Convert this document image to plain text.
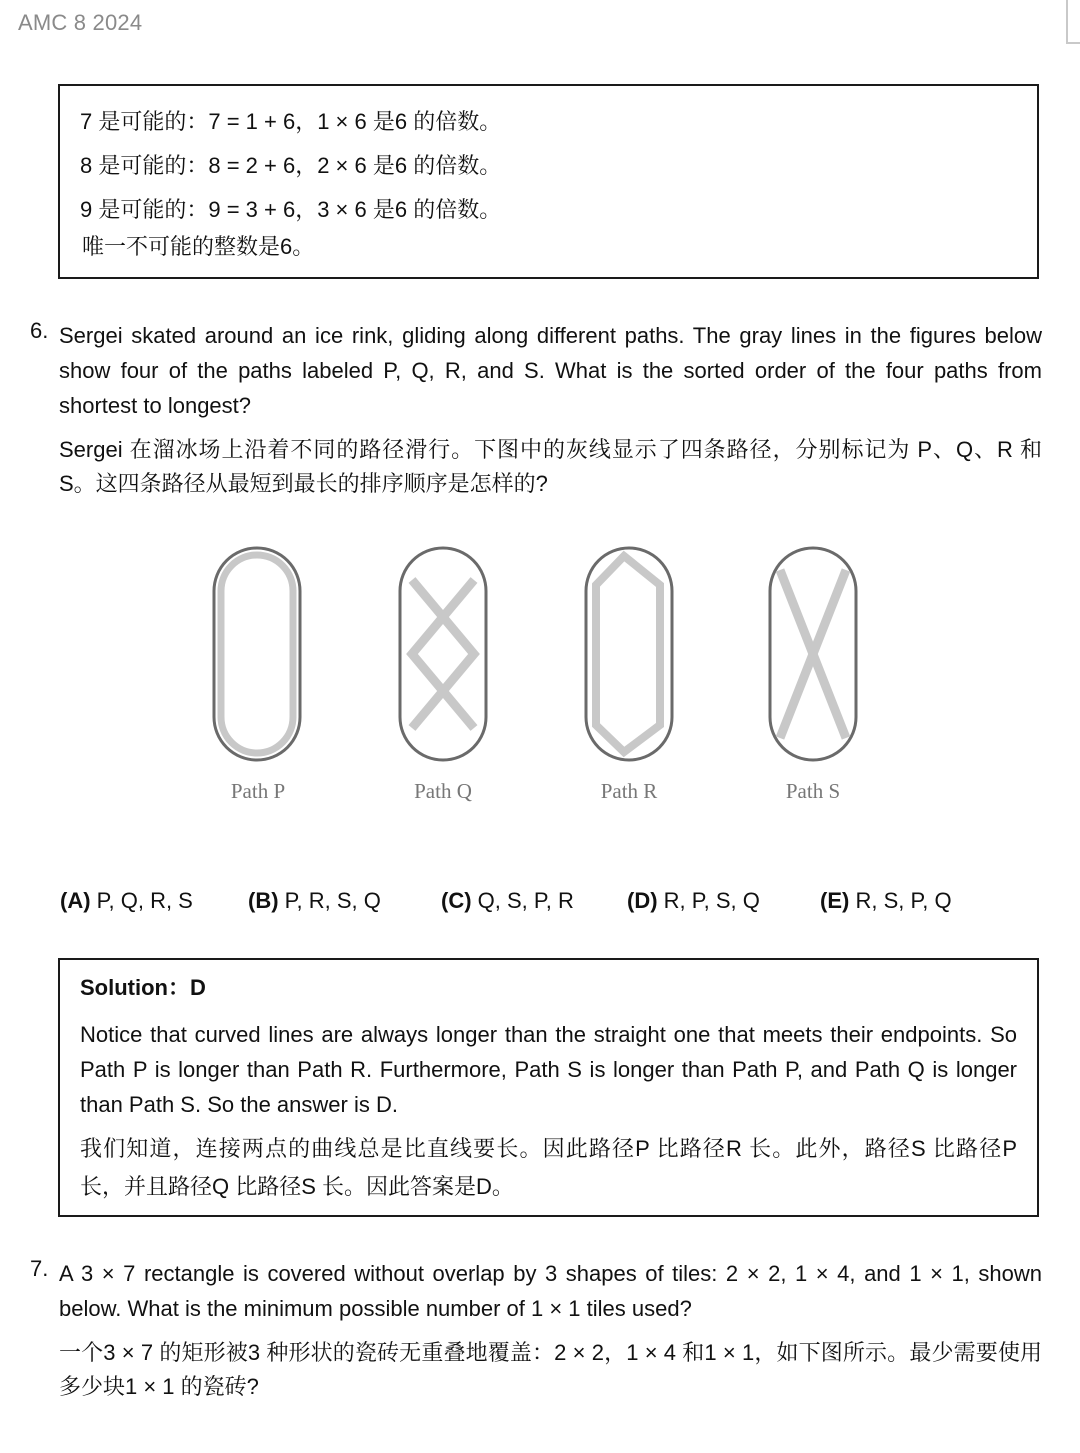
AMC 8 2024
7 是可能的：7 = 1 + 6，1 × 6 是6 的倍数。
8 是可能的：8 = 2 + 6，2 × 6 是6 的倍数。
9 是可能的：9 = 3 + 6，3 × 6 是6 的倍数。
唯一不可能的整数是6。
6. Sergei skated around an ice rink, gliding along different paths. The gray lines in the figures below show four of the paths labeled P, Q, R, and S. What is the sorted order of the four paths from shortest to longest?
Sergei 在溜冰场上沿着不同的路径滑行。下图中的灰线显示了四条路径，分别标记为 P、Q、R 和 S。这四条路径从最短到最长的排序顺序是怎样的?
Path P	Path Q	Path R	Path S
(A) P, Q, R, S	(B) P, R, S, Q	(C) Q, S, P, R	(D) R, P, S, Q	(E) R, S, P, Q
Solution：D
Notice that curved lines are always longer than the straight one that meets their endpoints. So Path P is longer than Path R. Furthermore, Path S is longer than Path P, and Path Q is longer than Path S. So the answer is D.
我们知道，连接两点的曲线总是比直线要长。因此路径P 比路径R 长。此外，路径S 比路径P 长，并且路径Q 比路径S 长。因此答案是D。
7. A 3 × 7 rectangle is covered without overlap by 3 shapes of tiles: 2 × 2, 1 × 4, and 1 × 1, shown below. What is the minimum possible number of 1 × 1 tiles used?
一个3 × 7 的矩形被3 种形状的瓷砖无重叠地覆盖：2 × 2，1 × 4 和1 × 1，如下图所示。最少需要使用多少块1 × 1 的瓷砖?
